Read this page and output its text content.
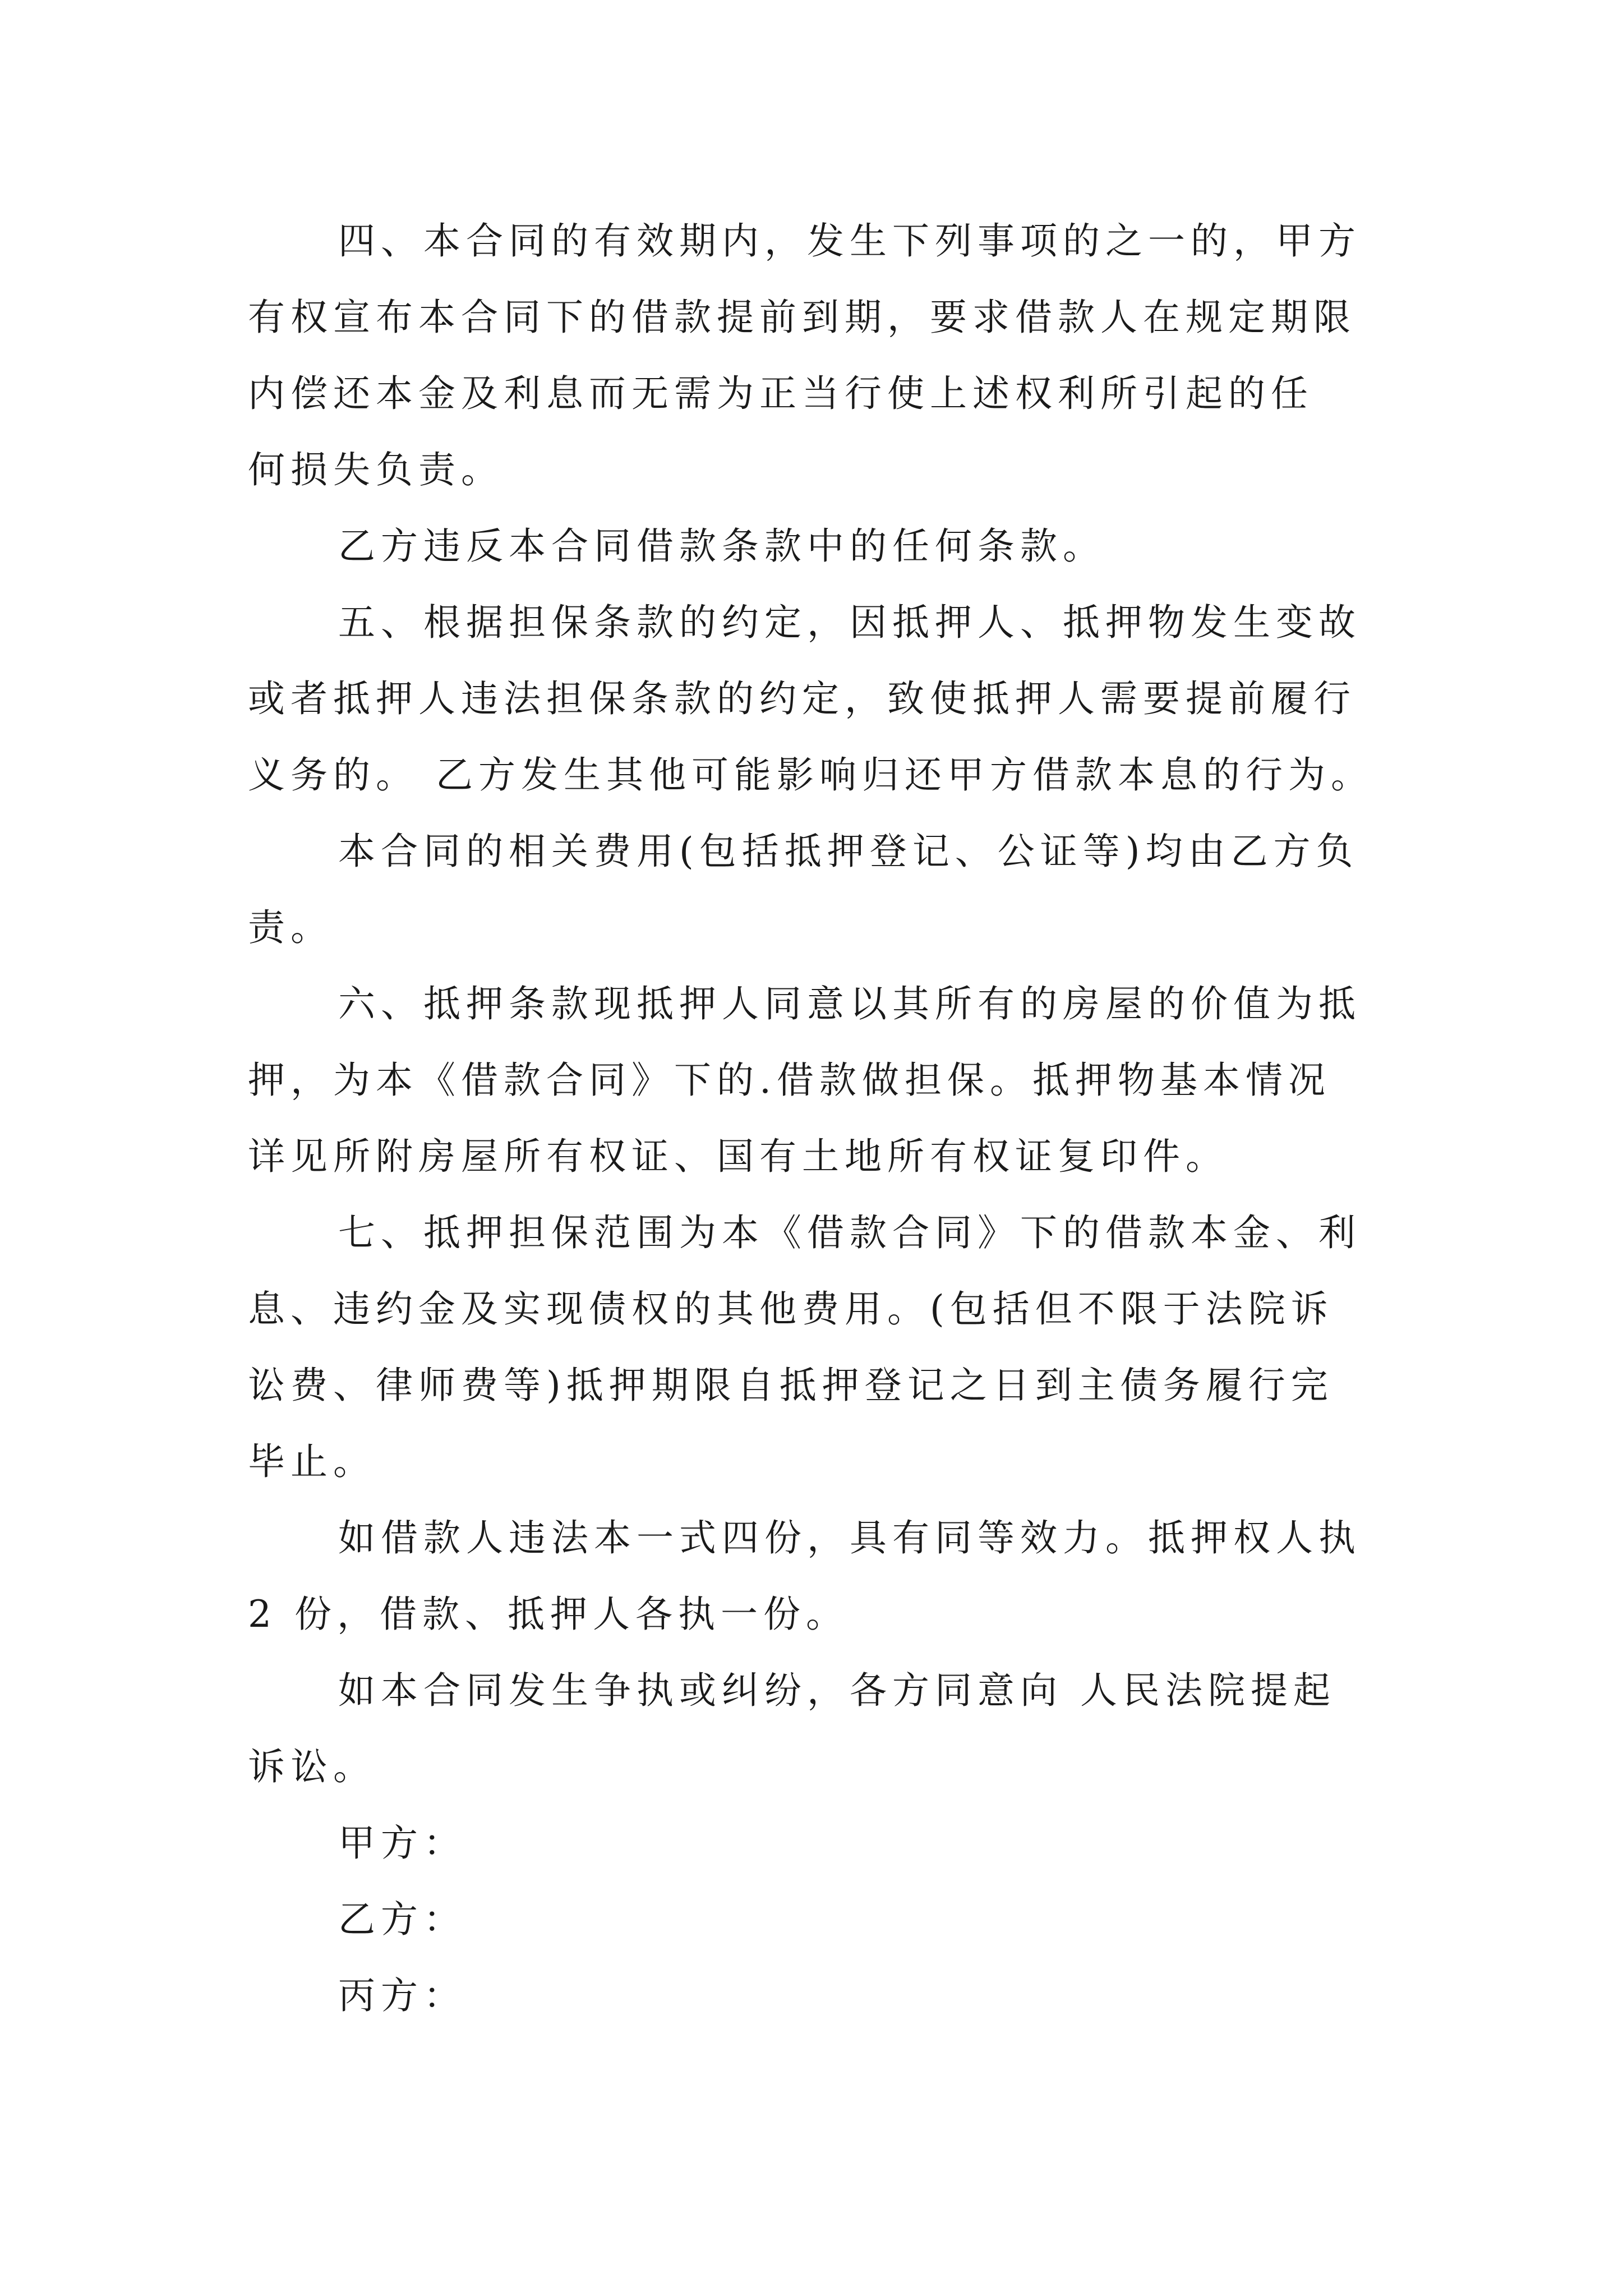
四、本合同的有效期内，发生下列事项的之一的，甲方
有权宣布本合同下的借款提前到期，要求借款人在规定期限
内偿还本金及利息而无需为正当行使上述权利所引起的任
何损失负责。
乙方违反本合同借款条款中的任何条款。
五、根据担保条款的约定，因抵押人、抵押物发生变故
或者抵押人违法担保条款的约定，致使抵押人需要提前履行
义务的。 乙方发生其他可能影响归还甲方借款本息的行为。
本合同的相关费用(包括抵押登记、公证等)均由乙方负
责。
六、抵押条款现抵押人同意以其所有的房屋的价值为抵
押，为本《借款合同》下的.借款做担保。抵押物基本情况
详见所附房屋所有权证、国有土地所有权证复印件。
七、抵押担保范围为本《借款合同》下的借款本金、利
息、违约金及实现债权的其他费用。(包括但不限于法院诉
讼费、律师费等)抵押期限自抵押登记之日到主债务履行完
毕止。
如借款人违法本一式四份，具有同等效力。抵押权人执
2 份，借款、抵押人各执一份。
如本合同发生争执或纠纷，各方同意向 人民法院提起
诉讼。
甲方：
乙方：
丙方：
